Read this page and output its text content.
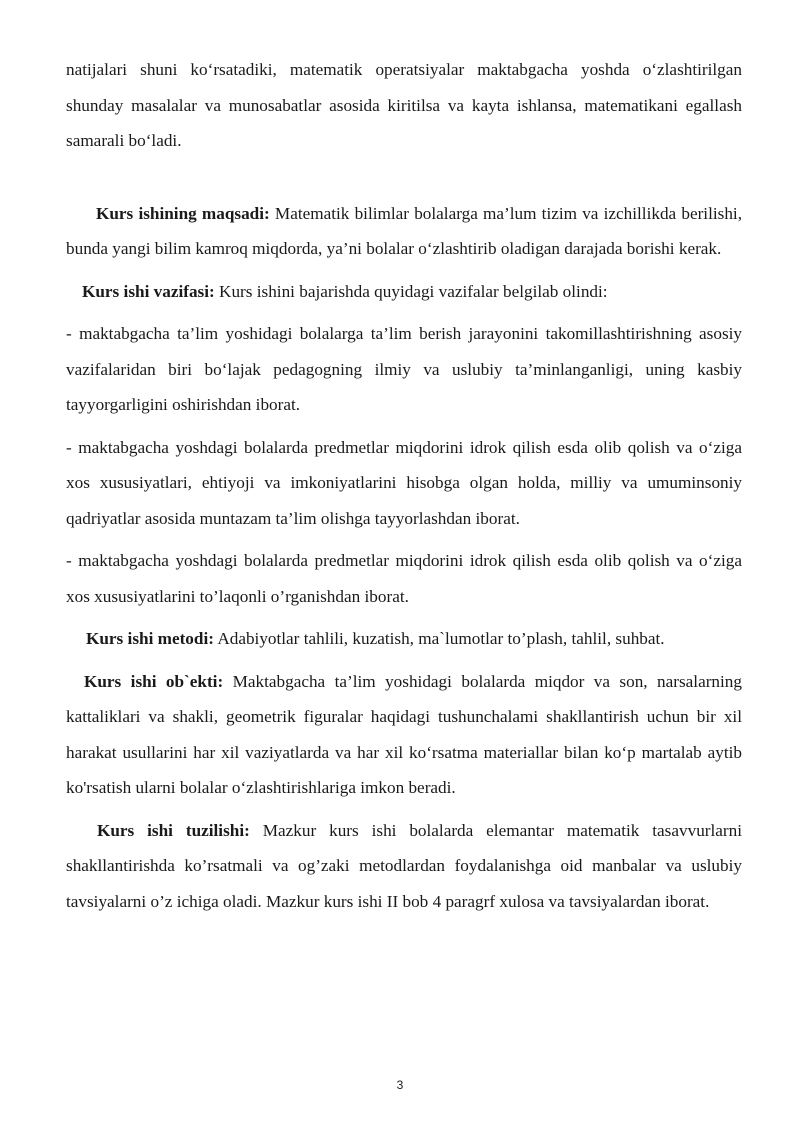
natijalari shuni ko‘rsatadiki, matematik operatsiyalar maktabgacha yoshda o‘zlashtirilgan shunday masalalar va munosabatlar asosida kiritilsa va kayta ishlansa, matematikani egallash samarali bo‘ladi.

Kurs ishining maqsadi: Matematik bilimlar bolalarga ma’lum tizim va izchillikda berilishi, bunda yangi bilim kamroq miqdorda, ya’ni bolalar o‘zlashtirib oladigan darajada borishi kerak.

Kurs ishi vazifasi: Kurs ishini bajarishda quyidagi vazifalar belgilab olindi:

- maktabgacha ta’lim yoshidagi bolalarga ta’lim berish jarayonini takomillashtirishning asosiy vazifalaridan biri bo‘lajak pedagogning ilmiy va uslubiy ta’minlanganligi, uning kasbiy tayyorgarligini oshirishdan iborat.

- maktabgacha yoshdagi bolalarda predmetlar miqdorini idrok qilish esda olib qolish va o‘ziga xos xususiyatlari, ehtiyoji va imkoniyatlarini hisobga olgan holda, milliy va umuminsoniy qadriyatlar asosida muntazam ta’lim olishga tayyorlashdan iborat.

- maktabgacha yoshdagi bolalarda predmetlar miqdorini idrok qilish esda olib qolish va o‘ziga xos xususiyatlarini to’laqonli o’rganishdan iborat.

Kurs ishi metodi: Adabiyotlar tahlili, kuzatish, ma`lumotlar to’plash, tahlil, suhbat.

Kurs ishi ob`ekti: Maktabgacha ta’lim yoshidagi bolalarda miqdor va son, narsalarning kattaliklari va shakli, geometrik figuralar haqidagi tushunchalami shakllantirish uchun bir xil harakat usullarini har xil vaziyatlarda va har xil ko‘rsatma materiallar bilan ko‘p martalab aytib ko'rsatish ularni bolalar o‘zlashtirishlariga imkon beradi.

Kurs ishi tuzilishi: Mazkur kurs ishi bolalarda elemantar matematik tasavvurlarni shakllantirishda ko’rsatmali va og’zaki metodlardan foydalanishga oid manbalar va uslubiy tavsiyalarni o’z ichiga oladi. Mazkur kurs ishi II bob 4 paragrf xulosa va tavsiyalardan iborat.

3
